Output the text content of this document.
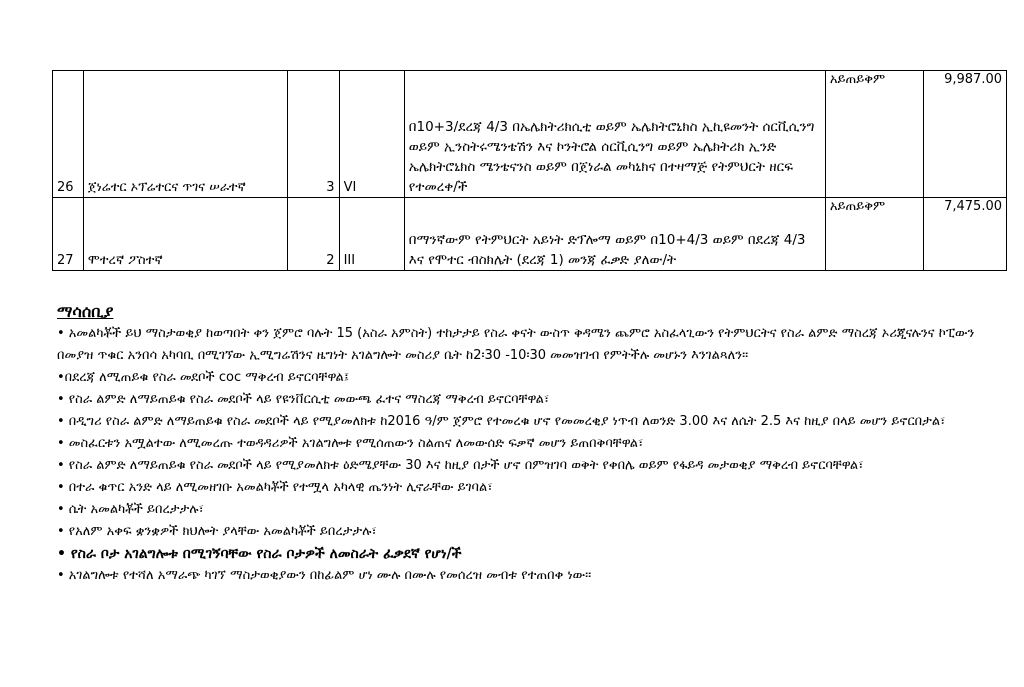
26	ጀነሬተር ኦፕሬተርና ጥገና ሠራተኛ	3	VI	በ10+3/ደረጃ 4/3 በኤሌክትሪክሲቲ ወይም ኤሌክትሮኒክስ ኢኪዩመንት ሰርቪሲንግ ወይም ኢንስትሩሜንቴሽን እና ኮንትሮል ሰርቪሲንግ ወይም ኤሌክትሪክ ኢንድ ኤሌክትሮኒክስ ሜንቴናንስ ወይም በጀነራል መካኒክና በተዛማጅ የትምህርት ዘርፍ የተመረቀ/ች	አይጠይቅም	9,987.00
27	ሞተረኛ ፖስተኛ	2	III	በማንኛውም የትምህርት አይነት ድፕሎማ ወይም በ10+4/3 ወይም በደረጃ 4/3 እና የሞተር ብስክሌት (ደረጃ 1) መንጃ ፈቃድ ያለው/ት	አይጠይቅም	7,475.00
ማሳሰቢያ

• አመልካቾች ይህ ማስታወቂያ ከወጣበት ቀን ጀምሮ ባሉት 15 (አስራ አምስት) ተከታታይ የስራ ቀናት ውስጥ ቅዳሜን ጨምሮ አስፈላጊውን የትምህርትና የስራ ልምድ ማስረጃ ኦሪጂናሉንና ኮፒውን በመያዝ ጥቁር አንበሳ አካባቢ በሚገኘው ኢሚግሬሽንና ዜግነት አገልግሎት መስሪያ ቤት ከ2፡30 -10፡30 መመዝገብ የምትችሉ መሆኑን እንገልጻለን፡፡

•በደረጃ ለሚጠይቁ የስራ መደቦች coc ማቅረብ ይኖርባቸዋል፤

• የስራ ልምድ ለማይጠይቁ የስራ መደቦች ላይ የዩንቨርሲቲ መውጫ ፈተና ማስረጃ ማቅረብ ይኖርባቸዋል፣

• በዲግሪ የስራ ልምድ ለማይጠይቁ የስራ መደቦች ላይ የሚያመለክቱ ከ2016 ዓ/ም ጀምሮ የተመረቁ ሆኖ የመመረቂያ ነጥብ ለወንድ 3.00 እና ለሴት 2.5 እና ከዚያ በላይ መሆን ይኖርበታል፣

• መስፈርቱን አሟልተው ለሚመረጡ ተወዳዳሪዎች አገልግሎቱ የሚሰጠውን ስልጠና ለመውሰድ ፍቃኛ መሆን ይጠበቅባቸዋል፣

• የስራ ልምድ ለማይጠይቁ የስራ መደቦች ላይ የሚያመለክቱ ዕድሜያቸው 30 እና ከዚያ በታች ሆኖ በምዝገባ ወቅት የቀበሌ ወይም የፋይዳ መታወቂያ ማቅረብ ይኖርባቸዋል፣

• በተራ ቁጥር አንድ ላይ ለሚመዘገቡ አመልካቾች የተሟላ አካላዊ ጤንነት ሊኖራቸው ይገባል፣

• ሴት አመልካቾች ይበረታታሉ፣

• የአለም አቀፍ ቋንቋዎች ክህሎት ያላቸው አመልካቾች ይበረታታሉ፣

• የስራ ቦታ አገልግሎቱ በሚገኝባቸው የስራ ቦታዎች ለመስራት ፈቃደኛ የሆነ/ች

• አገልግሎቱ የተሻለ አማራጭ ካገኘ ማስታወቂያውን በከፊልም ሆነ ሙሉ በሙሉ የመሰረዝ መብቱ የተጠበቀ ነው፡፡
